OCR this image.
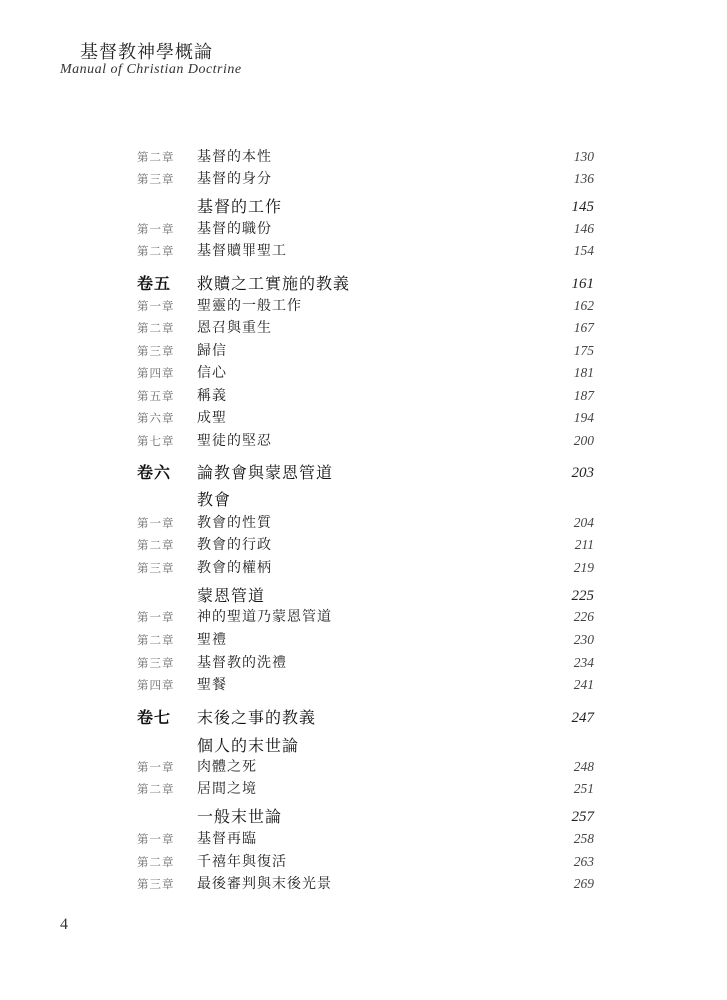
基督教神學概論
Manual of Christian Doctrine
第二章 基督的本性	130
第三章 基督的身分	136
基督的工作	145
第一章 基督的職份	146
第二章 基督贖罪聖工	154
卷五 救贖之工實施的教義	161
第一章 聖靈的一般工作	162
第二章 恩召與重生	167
第三章 歸信	175
第四章 信心	181
第五章 稱義	187
第六章 成聖	194
第七章 聖徒的堅忍	200
卷六 論教會與蒙恩管道	203
教會
第一章 教會的性質	204
第二章 教會的行政	211
第三章 教會的權柄	219
蒙恩管道	225
第一章 神的聖道乃蒙恩管道	226
第二章 聖禮	230
第三章 基督教的洗禮	234
第四章 聖餐	241
卷七 末後之事的教義	247
個人的末世論
第一章 肉體之死	248
第二章 居間之境	251
一般末世論	257
第一章 基督再臨	258
第二章 千禧年與復活	263
第三章 最後審判與末後光景	269
4
